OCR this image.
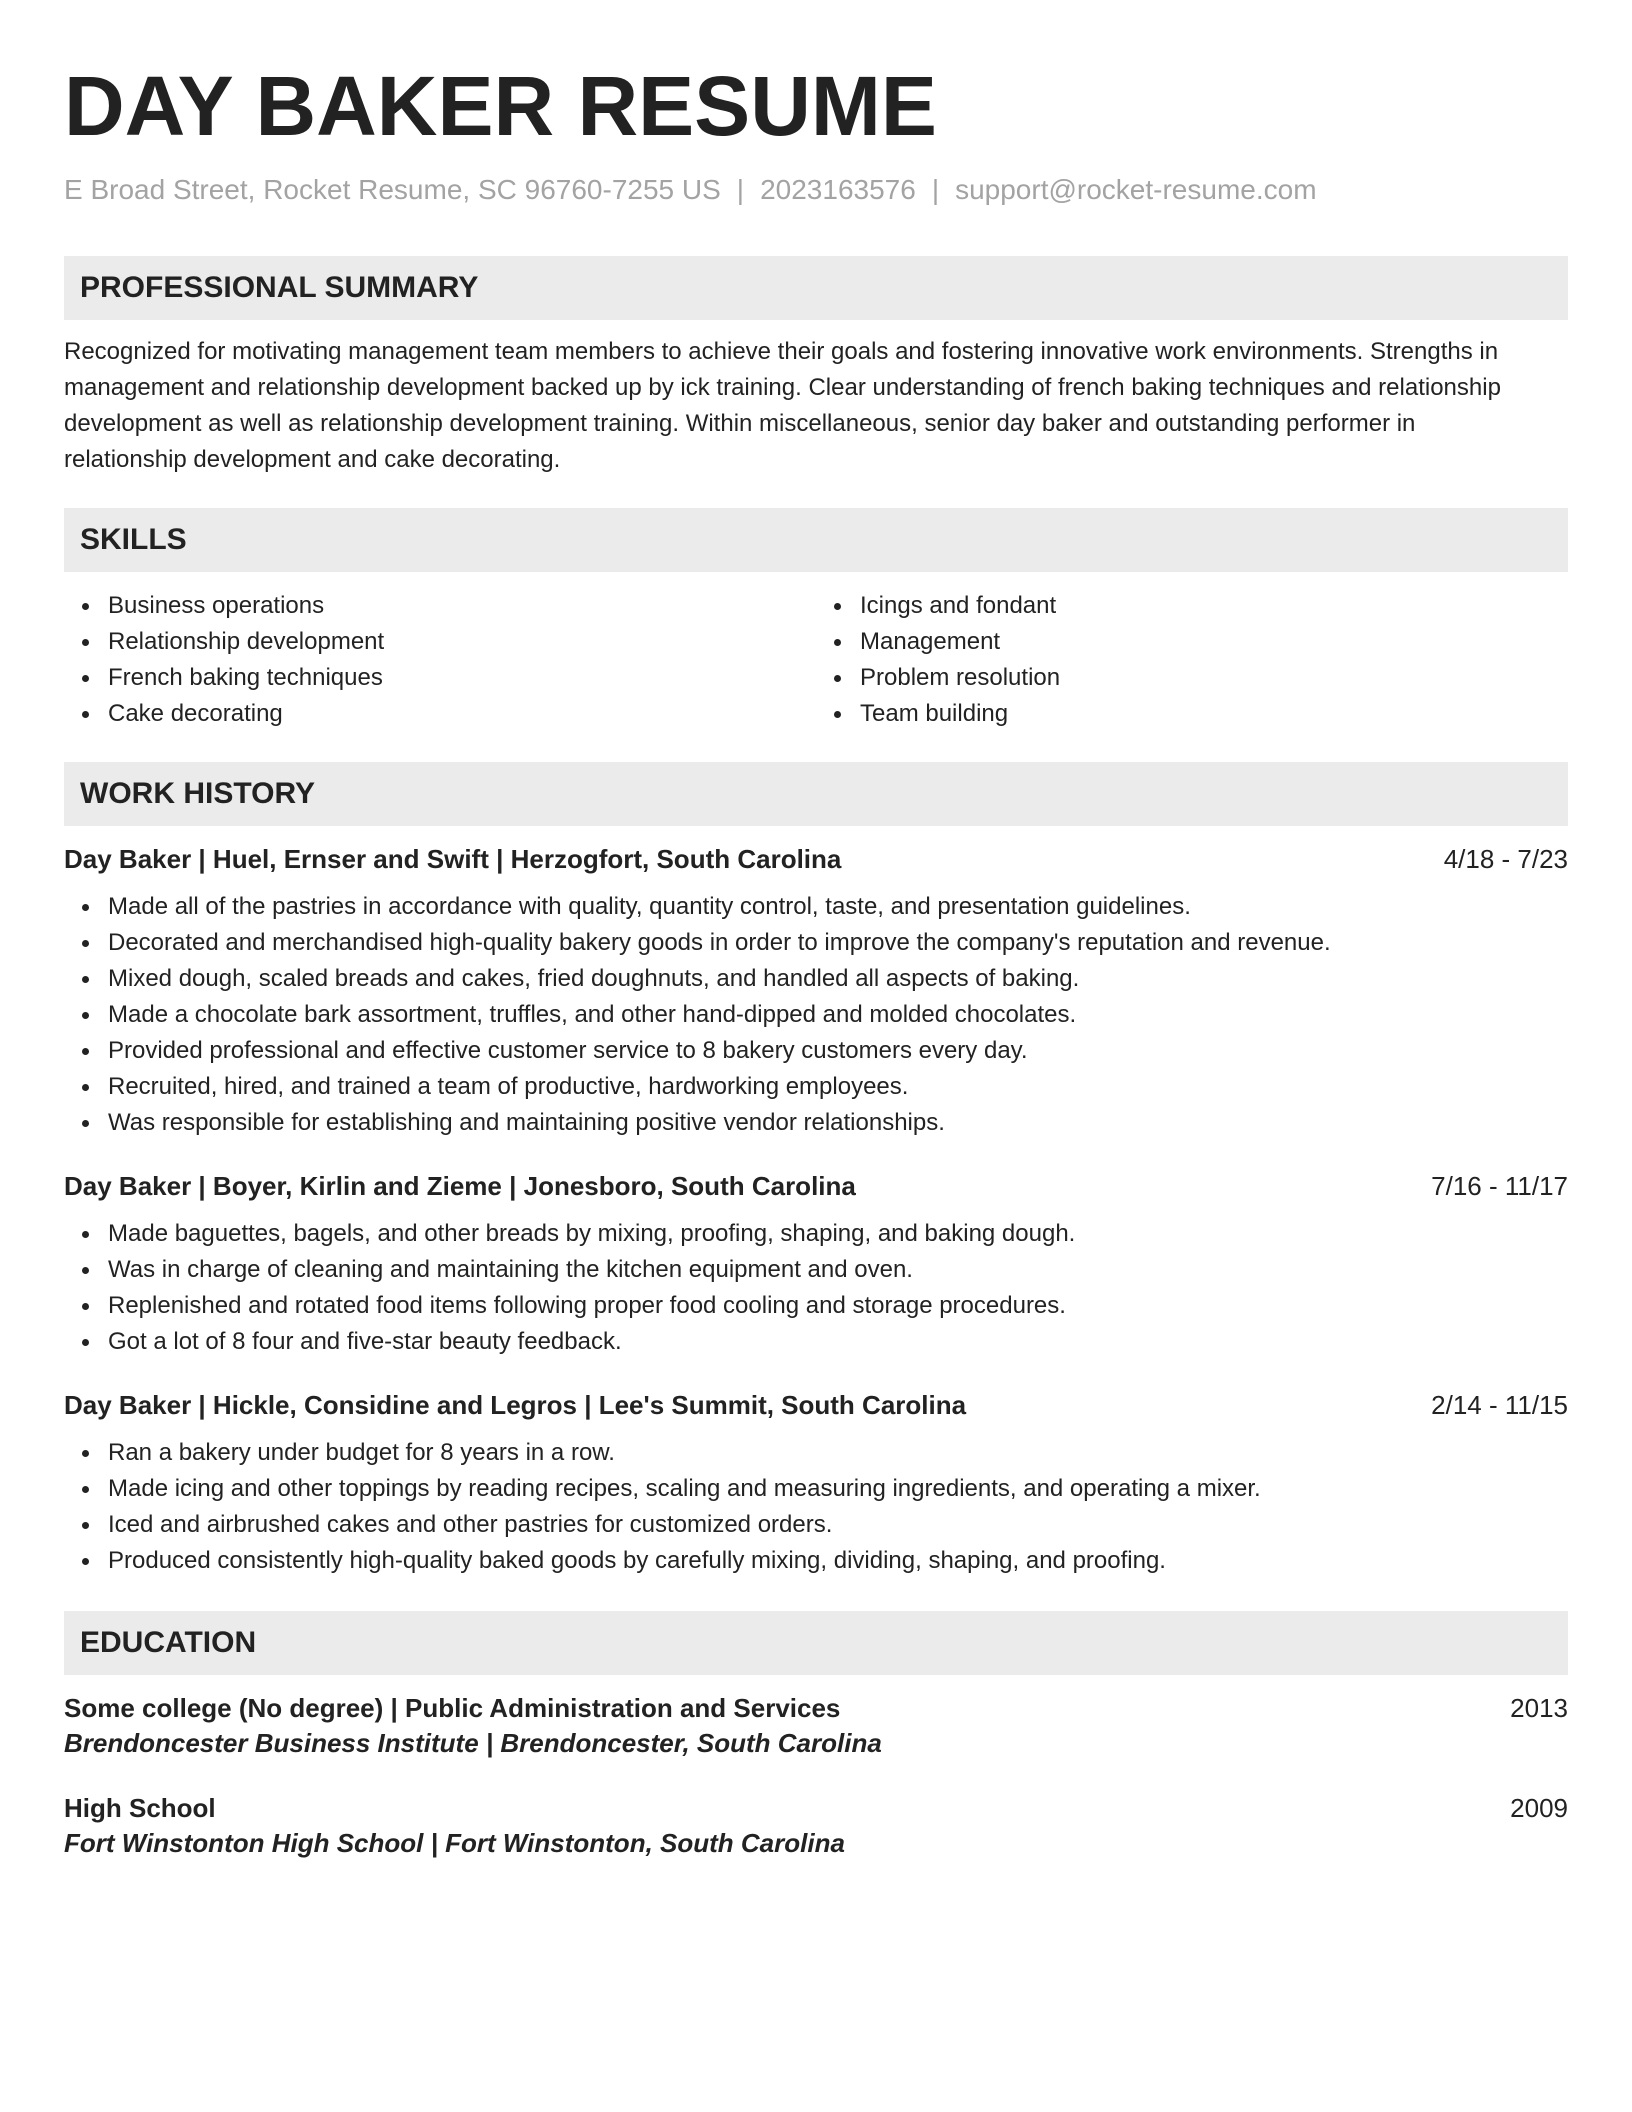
DAY BAKER RESUME
E Broad Street, Rocket Resume, SC 96760-7255 US | 2023163576 | support@rocket-resume.com
PROFESSIONAL SUMMARY
Recognized for motivating management team members to achieve their goals and fostering innovative work environments. Strengths in
management and relationship development backed up by ick training. Clear understanding of french baking techniques and relationship
development as well as relationship development training. Within miscellaneous, senior day baker and outstanding performer in
relationship development and cake decorating.
SKILLS
Business operations
Relationship development
French baking techniques
Cake decorating
Icings and fondant
Management
Problem resolution
Team building
WORK HISTORY
Day Baker | Huel, Ernser and Swift | Herzogfort, South Carolina	4/18 - 7/23
Made all of the pastries in accordance with quality, quantity control, taste, and presentation guidelines.
Decorated and merchandised high-quality bakery goods in order to improve the company's reputation and revenue.
Mixed dough, scaled breads and cakes, fried doughnuts, and handled all aspects of baking.
Made a chocolate bark assortment, truffles, and other hand-dipped and molded chocolates.
Provided professional and effective customer service to 8 bakery customers every day.
Recruited, hired, and trained a team of productive, hardworking employees.
Was responsible for establishing and maintaining positive vendor relationships.
Day Baker | Boyer, Kirlin and Zieme | Jonesboro, South Carolina	7/16 - 11/17
Made baguettes, bagels, and other breads by mixing, proofing, shaping, and baking dough.
Was in charge of cleaning and maintaining the kitchen equipment and oven.
Replenished and rotated food items following proper food cooling and storage procedures.
Got a lot of 8 four and five-star beauty feedback.
Day Baker | Hickle, Considine and Legros | Lee's Summit, South Carolina	2/14 - 11/15
Ran a bakery under budget for 8 years in a row.
Made icing and other toppings by reading recipes, scaling and measuring ingredients, and operating a mixer.
Iced and airbrushed cakes and other pastries for customized orders.
Produced consistently high-quality baked goods by carefully mixing, dividing, shaping, and proofing.
EDUCATION
Some college (No degree) | Public Administration and Services	2013
Brendoncester Business Institute | Brendoncester, South Carolina
High School	2009
Fort Winstonton High School | Fort Winstonton, South Carolina
